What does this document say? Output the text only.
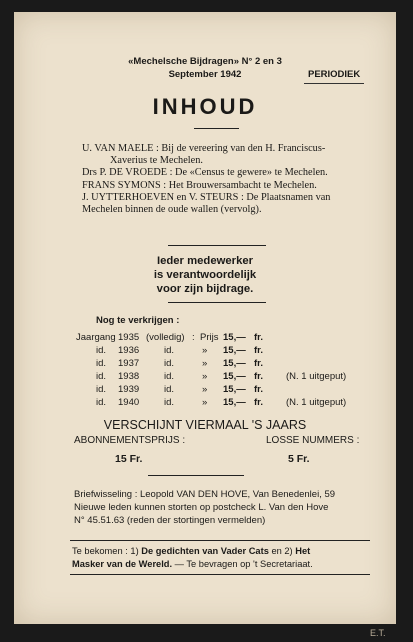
«Mechelsche Bijdragen» N° 2 en 3
September 1942	PERIODIEK
INHOUD
U. VAN MAELE : Bij de vereering van den H. Franciscus-
Xaverius te Mechelen.
Drs P. DE VROEDE : De «Census te gewere» te Mechelen.
FRANS SYMONS : Het Brouwersambacht te Mechelen.
J. UYTTERHOEVEN en V. STEURS : De Plaatsnamen van
Mechelen binnen de oude wallen (vervolg).
Ieder medewerker
is verantwoordelijk
voor zijn bijdrage.
Nog te verkrijgen :
Jaargang 1935 (volledig) : Prijs 15,— fr.
id. 1936	id.	» 15,— fr.
id. 1937	id.	» 15,— fr.
id. 1938	id.	» 15,— fr. (N. 1 uitgeput)
id. 1939	id.	» 15,— fr.
id. 1940	id.	» 15,— fr. (N. 1 uitgeput)
VERSCHIJNT VIERMAAL 'S JAARS
ABONNEMENTSPRIJS :
15 Fr.
LOSSE NUMMERS :
5 Fr.
Briefwisseling : Leopold VAN DEN HOVE, Van Benedenlei, 59
Nieuwe leden kunnen storten op postcheck L. Van den Hove
N° 45.51.63 (reden der stortingen vermelden)
Te bekomen : 1) De gedichten van Vader Cats en 2) Het
Masker van de Wereld. — Te bevragen op 't Secretariaat.
E.T.
